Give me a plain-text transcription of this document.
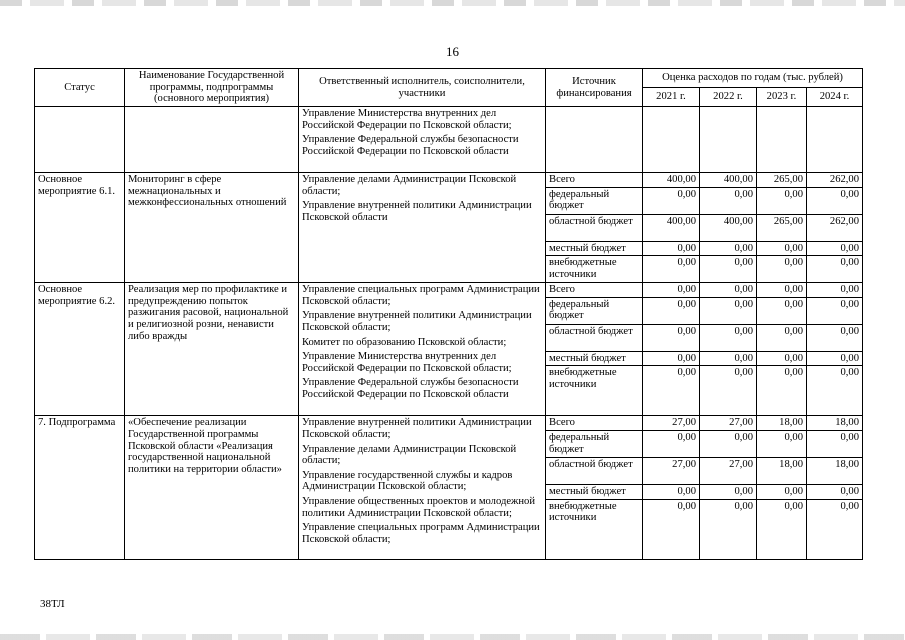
16
Статус	Наименование Государственной программы, подпрограммы (основного мероприятия)	Ответственный исполнитель, соисполнители, участники	Источник финансирования	Оценка расходов по годам (тыс. рублей)			
				2021 г.	2022 г.	2023 г.	2024 г.

		Управление Министерства внутренних дел Российской Федерации по Псковской области;
Управление Федеральной службы безопасности Российской Федерации по Псковской области					

Основное мероприятие 6.1.	Мониторинг в сфере межнациональных и межконфессиональных отношений	Управление делами Администрации Псковской области;
Управление внутренней политики Администрации Псковской области	Всего	400,00	400,00	265,00	262,00
			федеральный бюджет	0,00	0,00	0,00	0,00
			областной бюджет	400,00	400,00	265,00	262,00
			местный бюджет	0,00	0,00	0,00	0,00
			внебюджетные источники	0,00	0,00	0,00	0,00
Основное мероприятие 6.2.	Реализация мер по профилактике и предупреждению попыток разжигания расовой, национальной и религиозной розни, ненависти либо вражды	Управление специальных программ Администрации Псковской области;
Управление внутренней политики Администрации Псковской области;
Комитет по образованию Псковской области;
Управление Министерства внутренних дел Российской Федерации по Псковской области;
Управление Федеральной службы безопасности Российской Федерации по Псковской области	Всего	0,00	0,00	0,00	0,00
			федеральный бюджет	0,00	0,00	0,00	0,00
			областной бюджет	0,00	0,00	0,00	0,00
			местный бюджет	0,00	0,00	0,00	0,00
			внебюджетные источники	0,00	0,00	0,00	0,00
7. Подпрограмма	«Обеспечение реализации Государственной программы Псковской области «Реализация государственной национальной политики на территории области»	Управление внутренней политики Администрации Псковской области;
Управление делами Администрации Псковской области;
Управление государственной службы и кадров Администрации Псковской области;
Управление общественных проектов и молодежной политики Администрации Псковской области;
Управление специальных программ Администрации Псковской области;	Всего	27,00	27,00	18,00	18,00
			федеральный бюджет	0,00	0,00	0,00	0,00
			областной бюджет	27,00	27,00	18,00	18,00
			местный бюджет	0,00	0,00	0,00	0,00
			внебюджетные источники	0,00	0,00	0,00	0,00
38ТЛ
